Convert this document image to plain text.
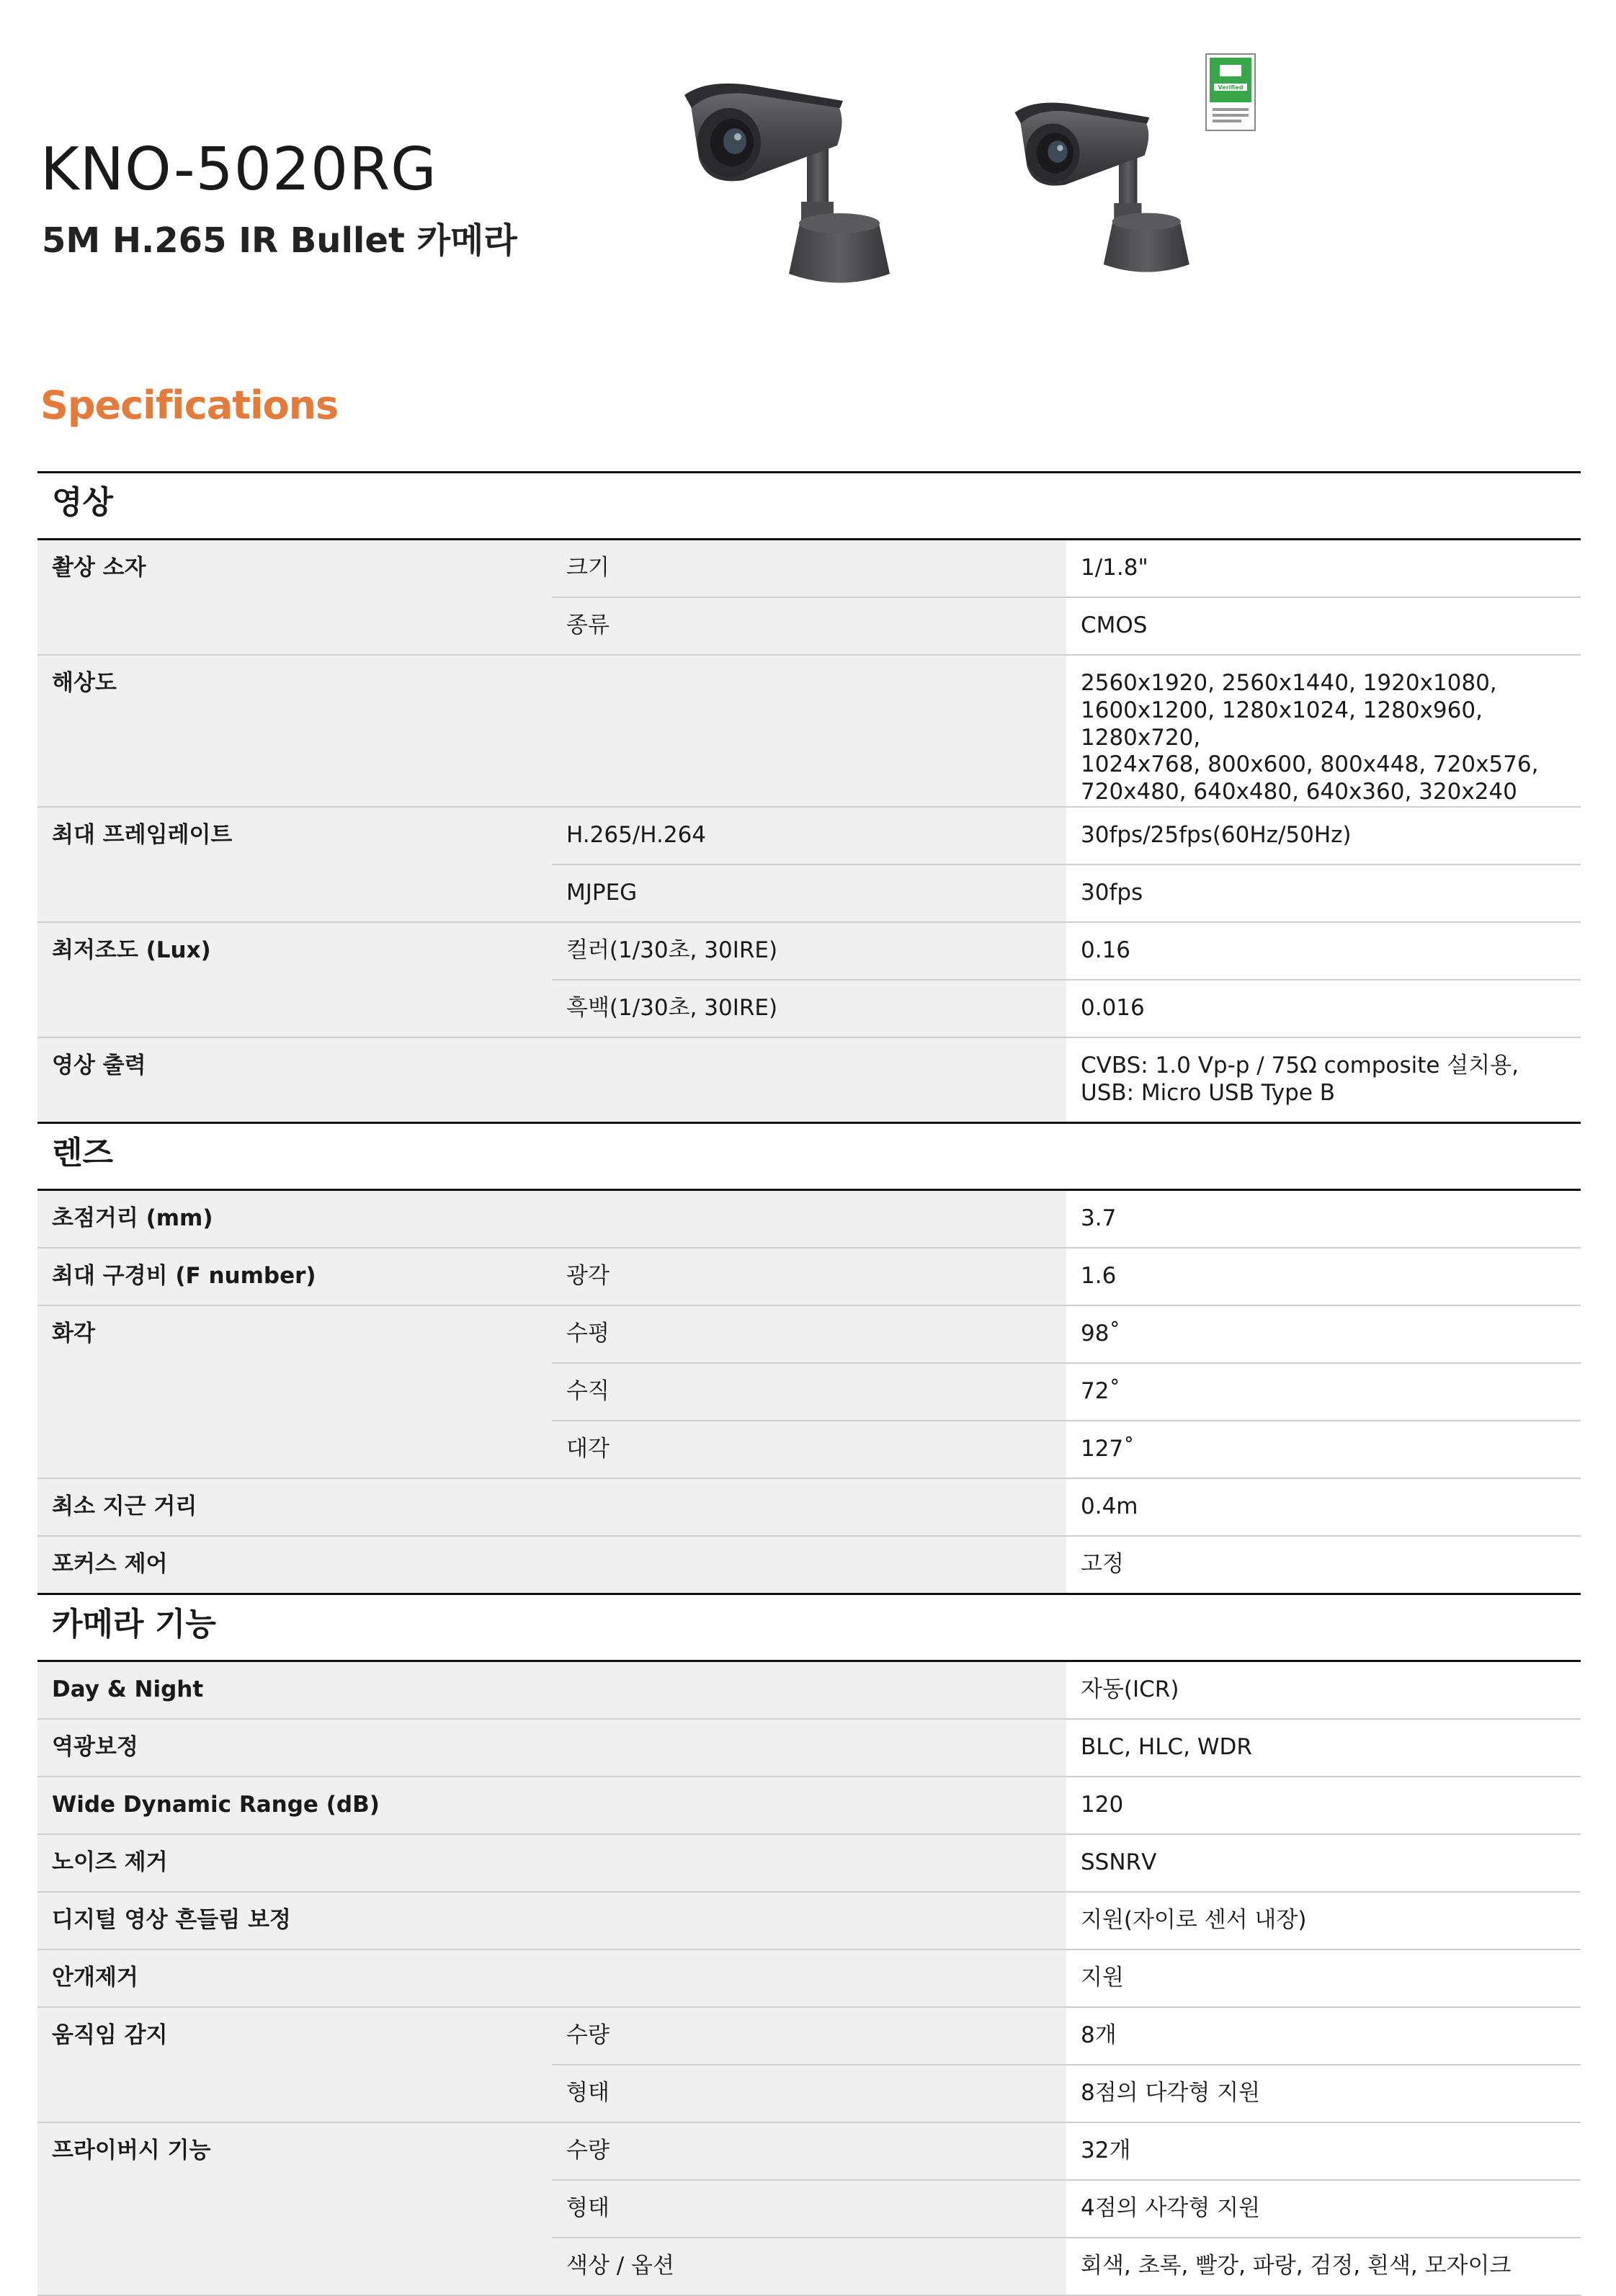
KNO-5020RG
5M H.265 IR Bullet 카메라
Verified
Specifications
영상		
촬상 소자	크기	1/1.8"
	종류	CMOS
해상도		2560x1920, 2560x1440, 1920x1080, 1600x1200, 1280x1024, 1280x960, 1280x720,
1024x768, 800x600, 800x448, 720x576, 720x480, 640x480, 640x360, 320x240
최대 프레임레이트	H.265/H.264	30fps/25fps(60Hz/50Hz)
	MJPEG	30fps
최저조도 (Lux)	컬러(1/30초, 30IRE)	0.16
	흑백(1/30초, 30IRE)	0.016
영상 출력		CVBS: 1.0 Vp-p / 75Ω composite 설치용,
USB: Micro USB Type B
렌즈		
초점거리 (mm)		3.7
최대 구경비 (F number)	광각	1.6
화각	수평	98˚
	수직	72˚
	대각	127˚
최소 지근 거리		0.4m
포커스 제어		고정
카메라 기능		
Day & Night		자동(ICR)
역광보정		BLC, HLC, WDR
Wide Dynamic Range (dB)		120
노이즈 제거		SSNRⅤ
디지털 영상 흔들림 보정		지원(자이로 센서 내장)
안개제거		지원
움직임 감지	수량	8개
	형태	8점의 다각형 지원
프라이버시 기능	수량	32개
	형태	4점의 사각형 지원
	색상 / 옵션	회색, 초록, 빨강, 파랑, 검정, 흰색, 모자이크
